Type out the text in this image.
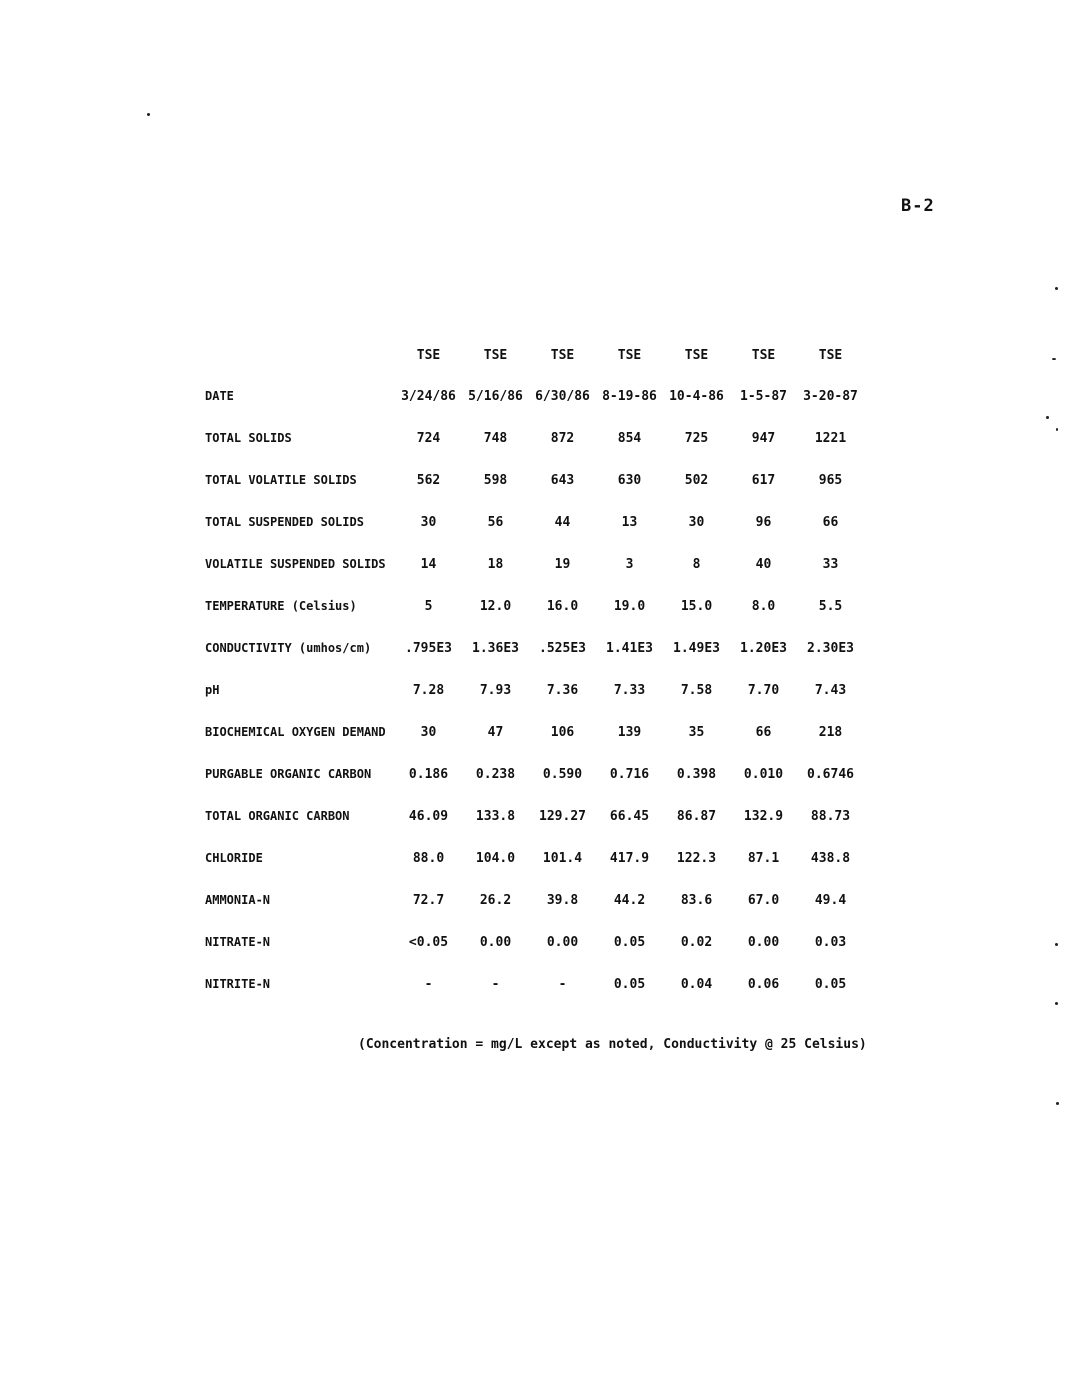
B-2
	TSE	TSE	TSE	TSE	TSE	TSE	TSE
DATE	3/24/86	5/16/86	6/30/86	8-19-86	10-4-86	1-5-87	3-20-87
TOTAL SOLIDS	724	748	872	854	725	947	1221
TOTAL VOLATILE SOLIDS	562	598	643	630	502	617	965
TOTAL SUSPENDED SOLIDS	30	56	44	13	30	96	66
VOLATILE SUSPENDED SOLIDS	14	18	19	3	8	40	33
TEMPERATURE (Celsius)	5	12.0	16.0	19.0	15.0	8.0	5.5
CONDUCTIVITY (umhos/cm)	.795E3	1.36E3	.525E3	1.41E3	1.49E3	1.20E3	2.30E3
pH	7.28	7.93	7.36	7.33	7.58	7.70	7.43
BIOCHEMICAL OXYGEN DEMAND	30	47	106	139	35	66	218
PURGABLE ORGANIC CARBON	0.186	0.238	0.590	0.716	0.398	0.010	0.6746
TOTAL ORGANIC CARBON	46.09	133.8	129.27	66.45	86.87	132.9	88.73
CHLORIDE	88.0	104.0	101.4	417.9	122.3	87.1	438.8
AMMONIA-N	72.7	26.2	39.8	44.2	83.6	67.0	49.4
NITRATE-N	<0.05	0.00	0.00	0.05	0.02	0.00	0.03
NITRITE-N	-	-	-	0.05	0.04	0.06	0.05
(Concentration = mg/L except as noted, Conductivity @ 25 Celsius)
